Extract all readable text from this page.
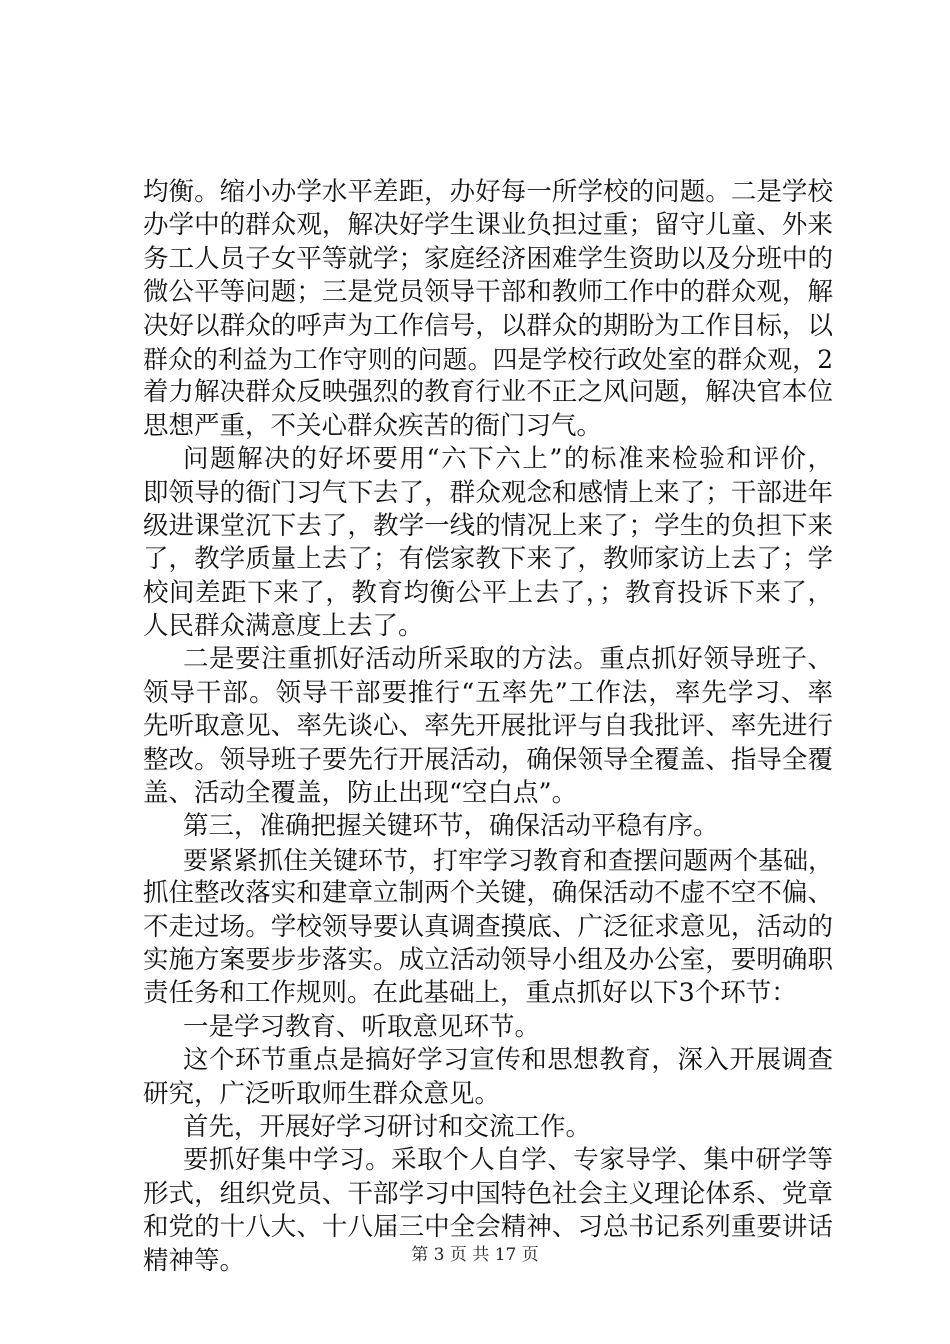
均衡。缩小办学水平差距，办好每一所学校的问题。二是学校
办学中的群众观，解决好学生课业负担过重；留守儿童、外来
务工人员子女平等就学；家庭经济困难学生资助以及分班中的
微公平等问题；三是党员领导干部和教师工作中的群众观，解
决好以群众的呼声为工作信号，以群众的期盼为工作目标，以
群众的利益为工作守则的问题。四是学校行政处室的群众观，2
着力解决群众反映强烈的教育行业不正之风问题，解决官本位
思想严重，不关心群众疾苦的衙门习气。
问题解决的好坏要用“六下六上”的标准来检验和评价，
即领导的衙门习气下去了，群众观念和感情上来了；干部进年
级进课堂沉下去了，教学一线的情况上来了；学生的负担下来
了，教学质量上去了；有偿家教下来了，教师家访上去了；学
校间差距下来了，教育均衡公平上去了，；教育投诉下来了，
人民群众满意度上去了。
二是要注重抓好活动所采取的方法。重点抓好领导班子、
领导干部。领导干部要推行“五率先”工作法，率先学习、率
先听取意见、率先谈心、率先开展批评与自我批评、率先进行
整改。领导班子要先行开展活动，确保领导全覆盖、指导全覆
盖、活动全覆盖，防止出现“空白点”。
第三，准确把握关键环节，确保活动平稳有序。
要紧紧抓住关键环节，打牢学习教育和查摆问题两个基础，
抓住整改落实和建章立制两个关键，确保活动不虚不空不偏、
不走过场。学校领导要认真调查摸底、广泛征求意见，活动的
实施方案要步步落实。成立活动领导小组及办公室，要明确职
责任务和工作规则。在此基础上，重点抓好以下3个环节：
一是学习教育、听取意见环节。
这个环节重点是搞好学习宣传和思想教育，深入开展调查
研究，广泛听取师生群众意见。
首先，开展好学习研讨和交流工作。
要抓好集中学习。采取个人自学、专家导学、集中研学等
形式，组织党员、干部学习中国特色社会主义理论体系、党章
和党的十八大、十八届三中全会精神、习总书记系列重要讲话
精神等。	第 3 页 共 17 页
